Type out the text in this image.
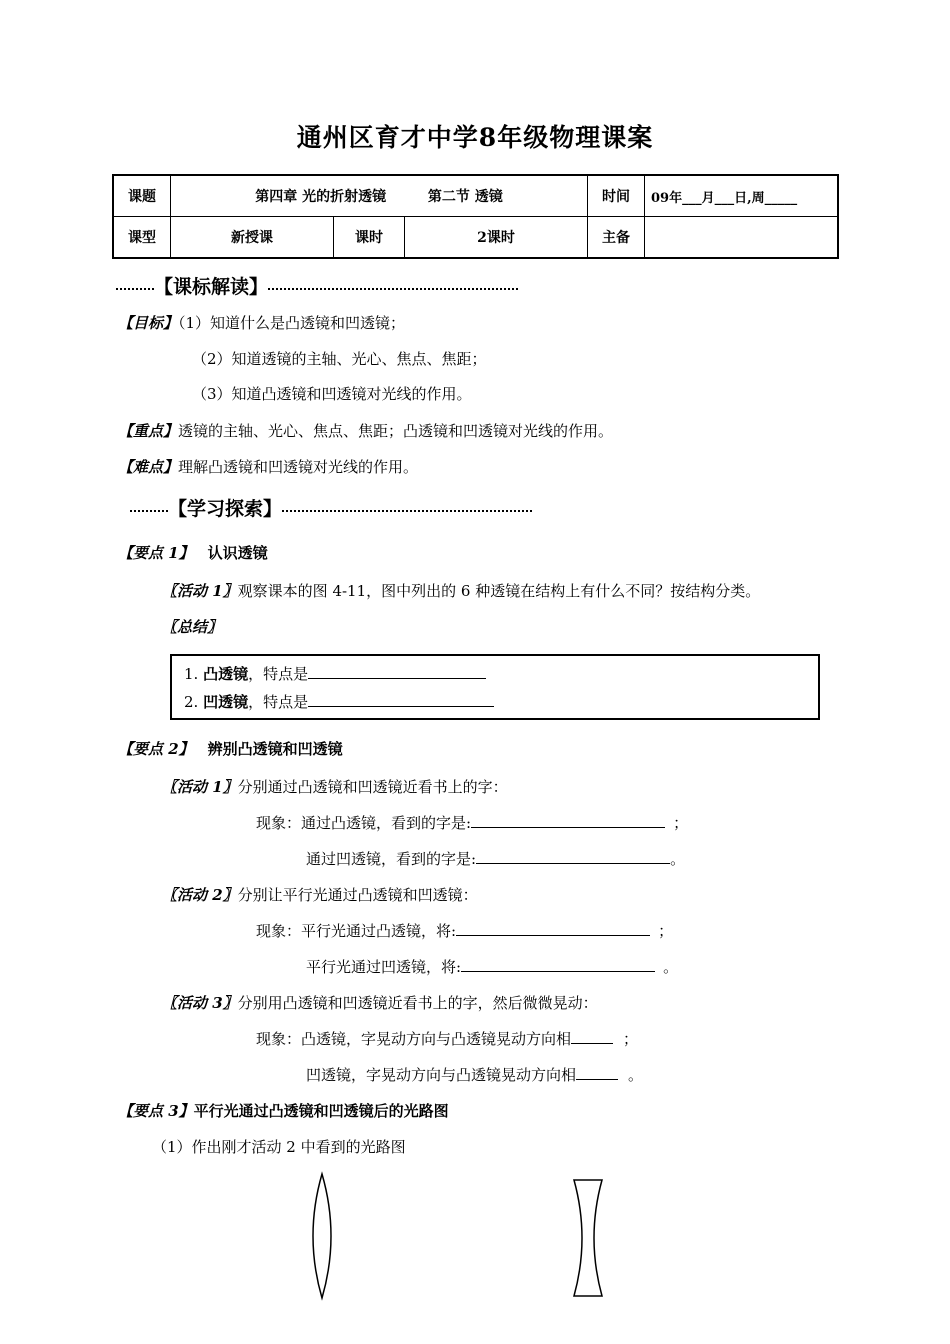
通州区育才中学8年级物理课案
课题	第四章 光的折射透镜 第二节 透镜			时间	09年___月___日,周_____
课型	新授课	课时	2课时	主备	
【课标解读】
【目标】（1）知道什么是凸透镜和凹透镜；
（2）知道透镜的主轴、光心、焦点、焦距；
（3）知道凸透镜和凹透镜对光线的作用。
【重点】透镜的主轴、光心、焦点、焦距；凸透镜和凹透镜对光线的作用。
【难点】理解凸透镜和凹透镜对光线的作用。
【学习探索】
【要点 1】 认识透镜
〖活动 1〗观察课本的图 4-11，图中列出的 6 种透镜在结构上有什么不同？按结构分类。
〖总结〗
1. 凸透镜，特点是
2. 凹透镜，特点是
【要点 2】 辨别凸透镜和凹透镜
〖活动 1〗分别通过凸透镜和凹透镜近看书上的字：
现象：通过凸透镜，看到的字是:	；
通过凹透镜，看到的字是:	。
〖活动 2〗分别让平行光通过凸透镜和凹透镜：
现象：平行光通过凸透镜，将:	；
平行光通过凹透镜，将:	。
〖活动 3〗分别用凸透镜和凹透镜近看书上的字，然后微微晃动：
现象：凸透镜，字晃动方向与凸透镜晃动方向相	；
凹透镜，字晃动方向与凸透镜晃动方向相	。
【要点 3】平行光通过凸透镜和凹透镜后的光路图
（1）作出刚才活动 2 中看到的光路图
